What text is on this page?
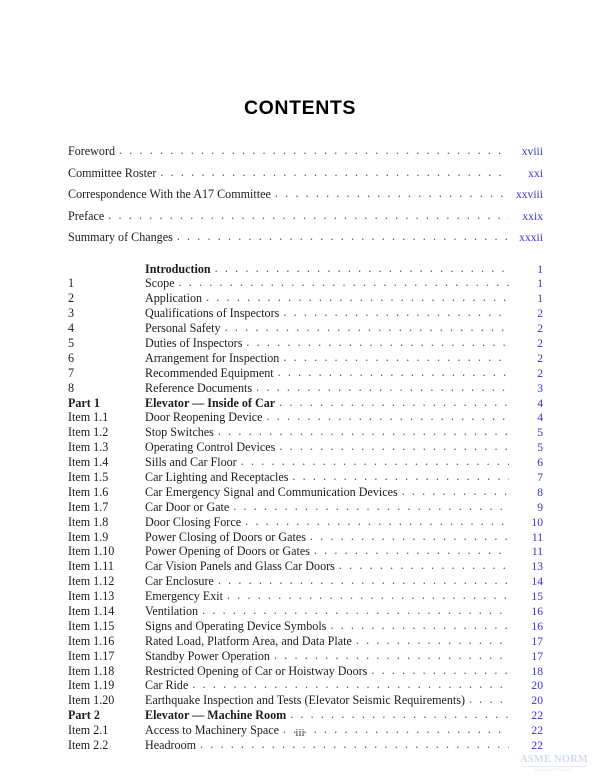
CONTENTS
Foreword . . .	xviii
Committee Roster . . .	xxi
Correspondence With the A17 Committee . . .	xxviii
Preface . . .	xxix
Summary of Changes . . .	xxxii
Introduction . . .	1
1	Scope . . .	1
2	Application . . .	1
3	Qualifications of Inspectors . . .	2
4	Personal Safety . . .	2
5	Duties of Inspectors . . .	2
6	Arrangement for Inspection . . .	2
7	Recommended Equipment . . .	2
8	Reference Documents . . .	3
Part 1	Elevator — Inside of Car . . .	4
Item 1.1	Door Reopening Device . . .	4
Item 1.2	Stop Switches . . .	5
Item 1.3	Operating Control Devices . . .	5
Item 1.4	Sills and Car Floor . . .	6
Item 1.5	Car Lighting and Receptacles . . .	7
Item 1.6	Car Emergency Signal and Communication Devices . . .	8
Item 1.7	Car Door or Gate . . .	9
Item 1.8	Door Closing Force . . .	10
Item 1.9	Power Closing of Doors or Gates . . .	11
Item 1.10	Power Opening of Doors or Gates . . .	11
Item 1.11	Car Vision Panels and Glass Car Doors . . .	13
Item 1.12	Car Enclosure . . .	14
Item 1.13	Emergency Exit . . .	15
Item 1.14	Ventilation . . .	16
Item 1.15	Signs and Operating Device Symbols . . .	16
Item 1.16	Rated Load, Platform Area, and Data Plate . . .	17
Item 1.17	Standby Power Operation . . .	17
Item 1.18	Restricted Opening of Car or Hoistway Doors . . .	18
Item 1.19	Car Ride . . .	20
Item 1.20	Earthquake Inspection and Tests (Elevator Seismic Requirements) . . .	20
Part 2	Elevator — Machine Room . . .	22
Item 2.1	Access to Machinery Space . . .	22
Item 2.2	Headroom . . .	22
iii
ASME NORM
NORMAS TECNICAS
